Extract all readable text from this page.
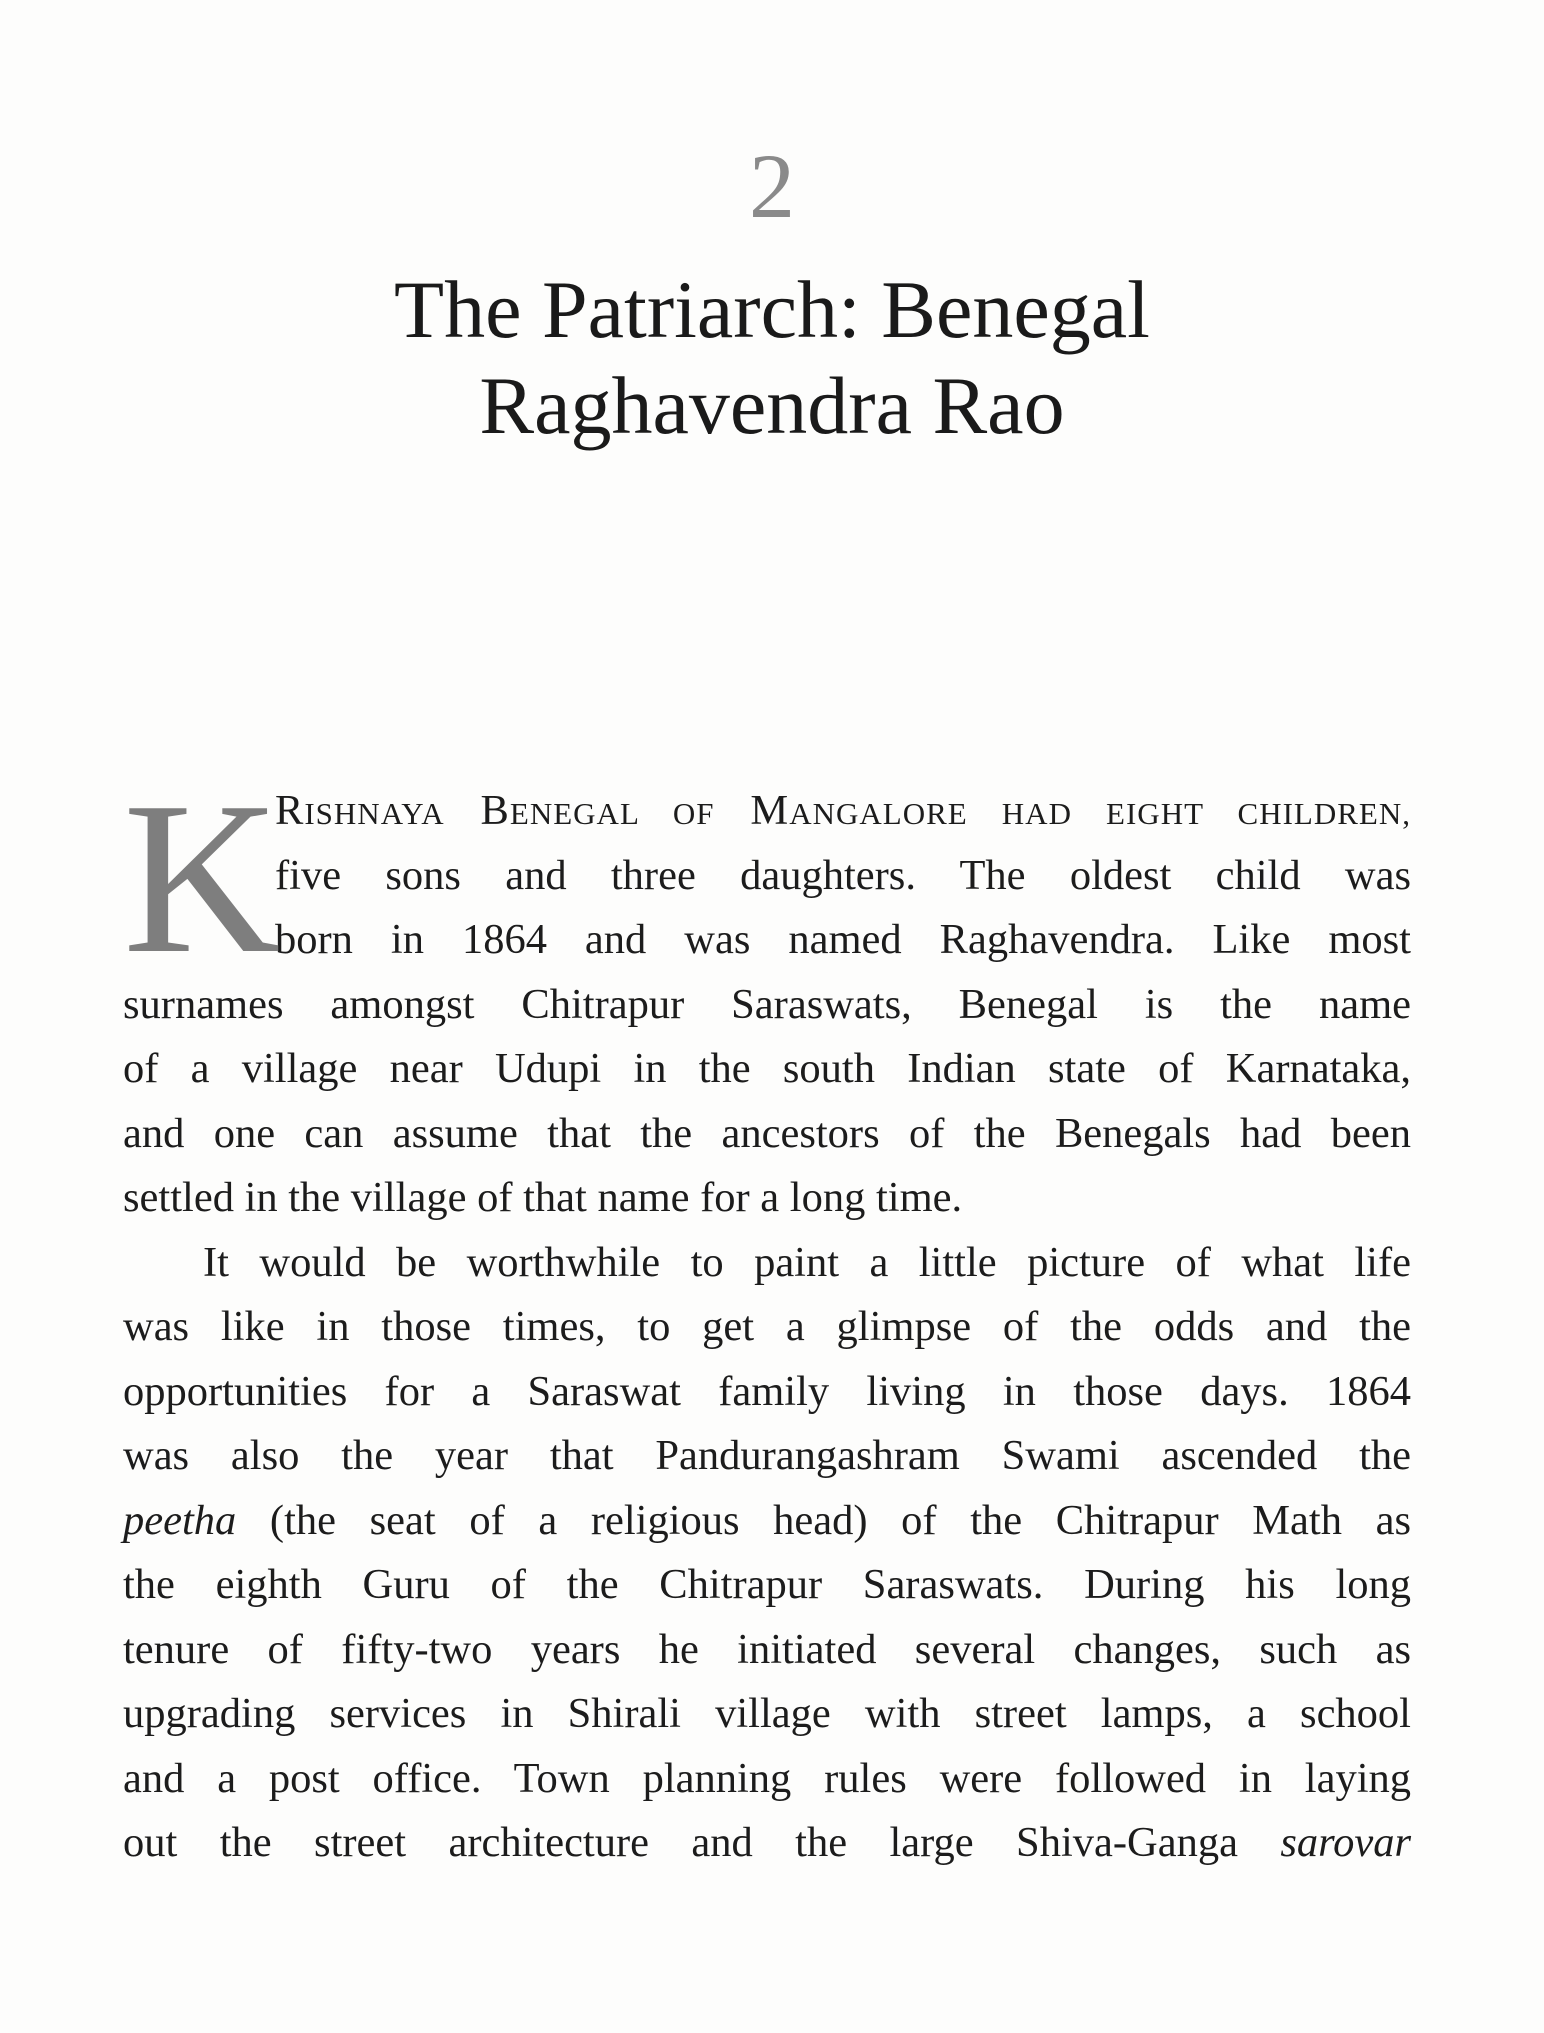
2
The Patriarch: Benegal
Raghavendra Rao
K
RISHNAYA BENEGAL OF MANGALORE HAD EIGHT CHILDREN,
five sons and three daughters. The oldest child was
born in 1864 and was named Raghavendra. Like most
surnames amongst Chitrapur Saraswats, Benegal is the name
of a village near Udupi in the south Indian state of Karnataka,
and one can assume that the ancestors of the Benegals had been
settled in the village of that name for a long time.
It would be worthwhile to paint a little picture of what life
was like in those times, to get a glimpse of the odds and the
opportunities for a Saraswat family living in those days. 1864
was also the year that Pandurangashram Swami ascended the
peetha (the seat of a religious head) of the Chitrapur Math as
the eighth Guru of the Chitrapur Saraswats. During his long
tenure of fifty-two years he initiated several changes, such as
upgrading services in Shirali village with street lamps, a school
and a post office. Town planning rules were followed in laying
out the street architecture and the large Shiva-Ganga sarovar
